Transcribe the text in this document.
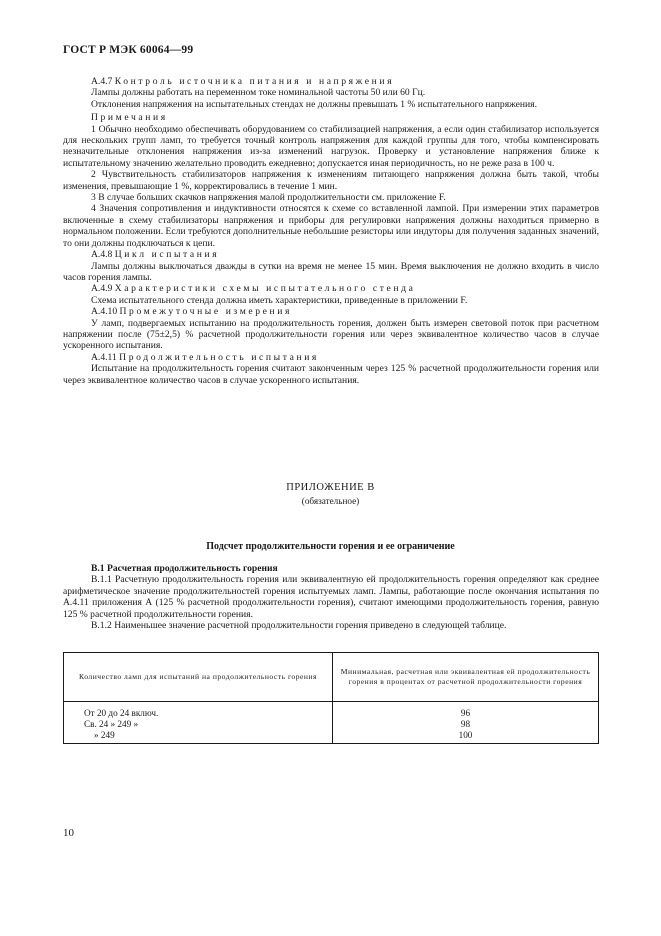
ГОСТ Р МЭК 60064—99

А.4.7 Контроль источника питания и напряжения

Лампы должны работать на переменном токе номинальной частоты 50 или 60 Гц.

Отклонения напряжения на испытательных стендах не должны превышать 1 % испытательного напряжения.

Примечания

1 Обычно необходимо обеспечивать оборудованием со стабилизацией напряжения, а если один стабилизатор используется для нескольких групп ламп, то требуется точный контроль напряжения для каждой группы для того, чтобы компенсировать незначительные отклонения напряжения из-за изменений нагрузок. Проверку и установление напряжения ближе к испытательному значению желательно проводить ежедневно; допускается иная периодичность, но не реже раза в 100 ч.

2 Чувствительность стабилизаторов напряжения к изменениям питающего напряжения должна быть такой, чтобы изменения, превышающие 1 %, корректировались в течение 1 мин.

3 В случае больших скачков напряжения малой продолжительности см. приложение F.

4 Значения сопротивления и индуктивности относятся к схеме со вставленной лампой. При измерении этих параметров включенные в схему стабилизаторы напряжения и приборы для регулировки напряжения должны находиться примерно в нормальном положении. Если требуются дополнительные небольшие резисторы или индуторы для получения заданных значений, то они должны подключаться к цепи.

А.4.8 Цикл испытания

Лампы должны выключаться дважды в сутки на время не менее 15 мин. Время выключения не должно входить в число часов горения лампы.

А.4.9 Характеристики схемы испытательного стенда

Схема испытательного стенда должна иметь характеристики, приведенные в приложении F.

А.4.10 Промежуточные измерения

У ламп, подвергаемых испытанию на продолжительность горения, должен быть измерен световой поток при расчетном напряжении после (75±2,5) % расчетной продолжительности горения или через эквивалентное количество часов в случае ускоренного испытания.

А.4.11 Продолжительность испытания

Испытание на продолжительность горения считают законченным через 125 % расчетной продолжительности горения или через эквивалентное количество часов в случае ускоренного испытания.

ПРИЛОЖЕНИЕ В
(обязательное)
Подсчет продолжительности горения и ее ограничение

В.1 Расчетная продолжительность горения

В.1.1 Расчетную продолжительность горения или эквивалентную ей продолжительность горения определяют как среднее арифметическое значение продолжительностей горения испытуемых ламп. Лампы, работающие после окончания испытания по А.4.11 приложения А (125 % расчетной продолжительности горения), считают имеющими продолжительность горения, равную 125 % расчетной продолжительности горения.

В.1.2 Наименьшее значение расчетной продолжительности горения приведено в следующей таблице.

Количество ламп для испытаний на продолжительность горения	Минимальная, расчетная или эквивалентная ей продолжительность горения в процентах от расчетной продолжительности горения
От 20 до 24 включ.	96
Св. 24 » 249 »	98
» 249	100
10
